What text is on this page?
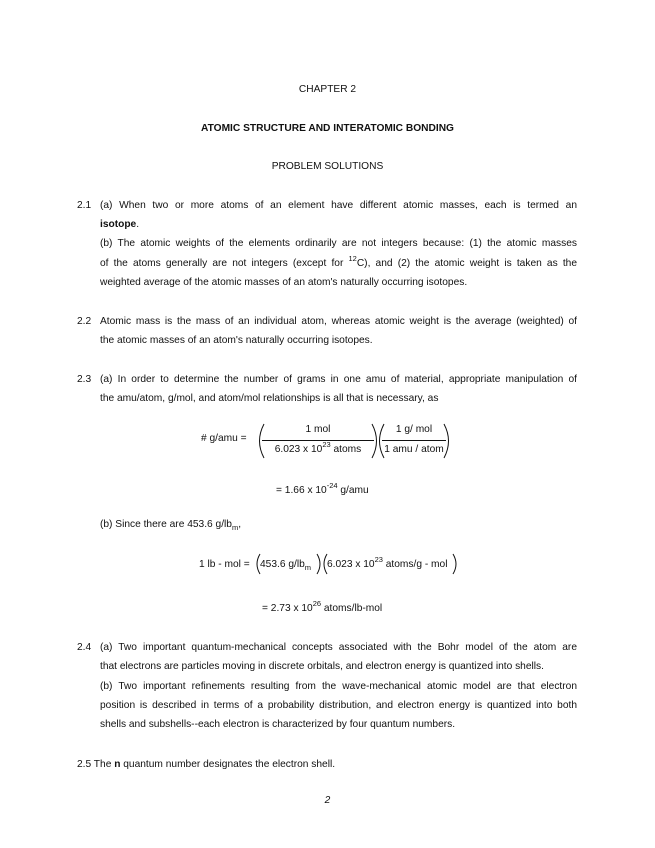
CHAPTER 2
ATOMIC STRUCTURE AND INTERATOMIC BONDING
PROBLEM SOLUTIONS
2.1 (a) When two or more atoms of an element have different atomic masses, each is termed an
isotope.
(b) The atomic weights of the elements ordinarily are not integers because: (1) the atomic masses
of the atoms generally are not integers (except for $^{12}$C), and (2) the atomic weight is taken as the
weighted average of the atomic masses of an atom's naturally occurring isotopes.
2.2 Atomic mass is the mass of an individual atom, whereas atomic weight is the average (weighted) of
the atomic masses of an atom's naturally occurring isotopes.
2.3 (a) In order to determine the number of grams in one amu of material, appropriate manipulation of
the amu/atom, g/mol, and atom/mol relationships is all that is necessary, as
# g/amu =
1 mol
6.023 x $10^{23}$ atoms
1 g/ mol
1 amu / atom
= 1.66 x $10^{-24}$ g/amu
(b) Since there are 453.6 $g/lb_m$,
1 lb - mol = 453.6 $g/lb_m$ 6.023 x $10^{23}$ atoms/g - mol
= 2.73 x $10^{26}$ atoms/lb-mol
2.4 (a) Two important quantum-mechanical concepts associated with the Bohr model of the atom are
that electrons are particles moving in discrete orbitals, and electron energy is quantized into shells.
(b) Two important refinements resulting from the wave-mechanical atomic model are that electron
position is described in terms of a probability distribution, and electron energy is quantized into both
shells and subshells--each electron is characterized by four quantum numbers.
2.5 The n quantum number designates the electron shell.
2
